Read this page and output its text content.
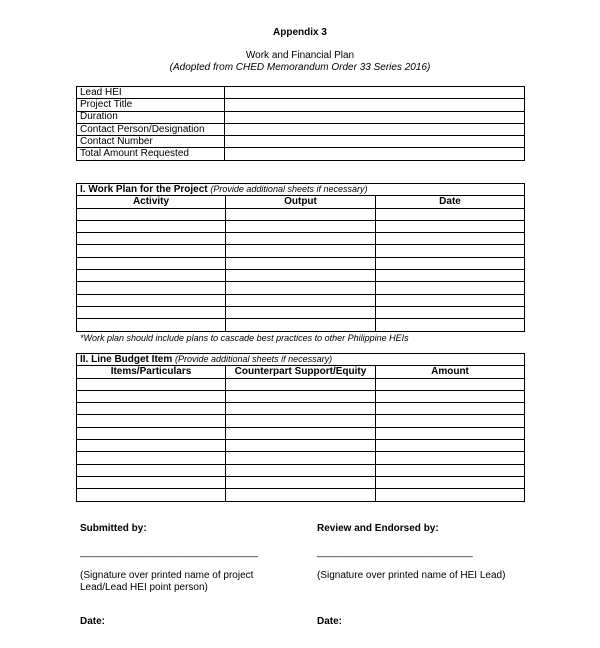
Appendix 3
Work and Financial Plan
(Adopted from CHED Memorandum Order 33 Series 2016)
Lead HEI	
Project Title	
Duration	
Contact Person/Designation	
Contact Number	
Total Amount Requested	
I. Work Plan for the Project (Provide additional sheets if necessary)		
Activity	Output	Date

*Work plan should include plans to cascade best practices to other Philippine HEIs
II. Line Budget Item (Provide additional sheets if necessary)		
Items/Particulars	Counterpart Support/Equity	Amount

Submitted by:
________________________________
(Signature over printed name of project Lead/Lead HEI point person)
Date:
Review and Endorsed by:
____________________________
(Signature over printed name of HEI Lead)
Date:
